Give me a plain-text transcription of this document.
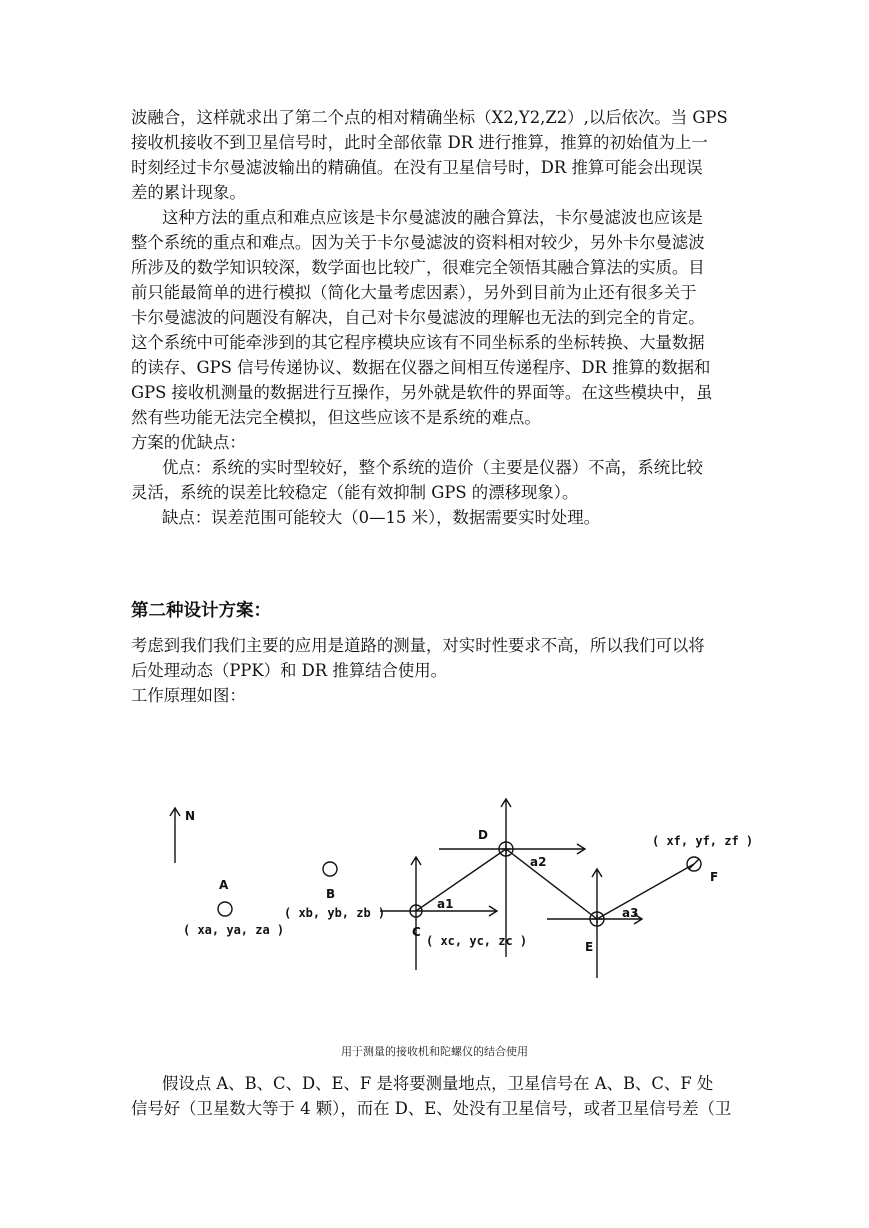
波融合，这样就求出了第二个点的相对精确坐标（X2,Y2,Z2）,以后依次。当 GPS
接收机接收不到卫星信号时，此时全部依靠 DR 进行推算，推算的初始值为上一
时刻经过卡尔曼滤波输出的精确值。在没有卫星信号时，DR 推算可能会出现误
差的累计现象。
这种方法的重点和难点应该是卡尔曼滤波的融合算法，卡尔曼滤波也应该是
整个系统的重点和难点。因为关于卡尔曼滤波的资料相对较少，另外卡尔曼滤波
所涉及的数学知识较深，数学面也比较广，很难完全领悟其融合算法的实质。目
前只能最简单的进行模拟（简化大量考虑因素），另外到目前为止还有很多关于
卡尔曼滤波的问题没有解决，自己对卡尔曼滤波的理解也无法的到完全的肯定。
这个系统中可能牵涉到的其它程序模块应该有不同坐标系的坐标转换、大量数据
的读存、GPS 信号传递协议、数据在仪器之间相互传递程序、DR 推算的数据和
GPS 接收机测量的数据进行互操作，另外就是软件的界面等。在这些模块中，虽
然有些功能无法完全模拟，但这些应该不是系统的难点。
方案的优缺点：
优点：系统的实时型较好，整个系统的造价（主要是仪器）不高，系统比较
灵活，系统的误差比较稳定（能有效抑制 GPS 的漂移现象）。
缺点：误差范围可能较大（0—15 米），数据需要实时处理。
第二种设计方案：
考虑到我们我们主要的应用是道路的测量，对实时性要求不高，所以我们可以将
后处理动态（PPK）和 DR 推算结合使用。
工作原理如图：
N
A
( xa, ya, za )
B
( xb, yb, zb )
C
( xc, yc, zc )
D
E
F
( xf, yf, zf )
a1
a2
a3
用于测量的接收机和陀螺仪的结合使用
假设点 A、B、C、D、E、F 是将要测量地点，卫星信号在 A、B、C、F 处
信号好（卫星数大等于 4 颗），而在 D、E、处没有卫星信号，或者卫星信号差（卫
